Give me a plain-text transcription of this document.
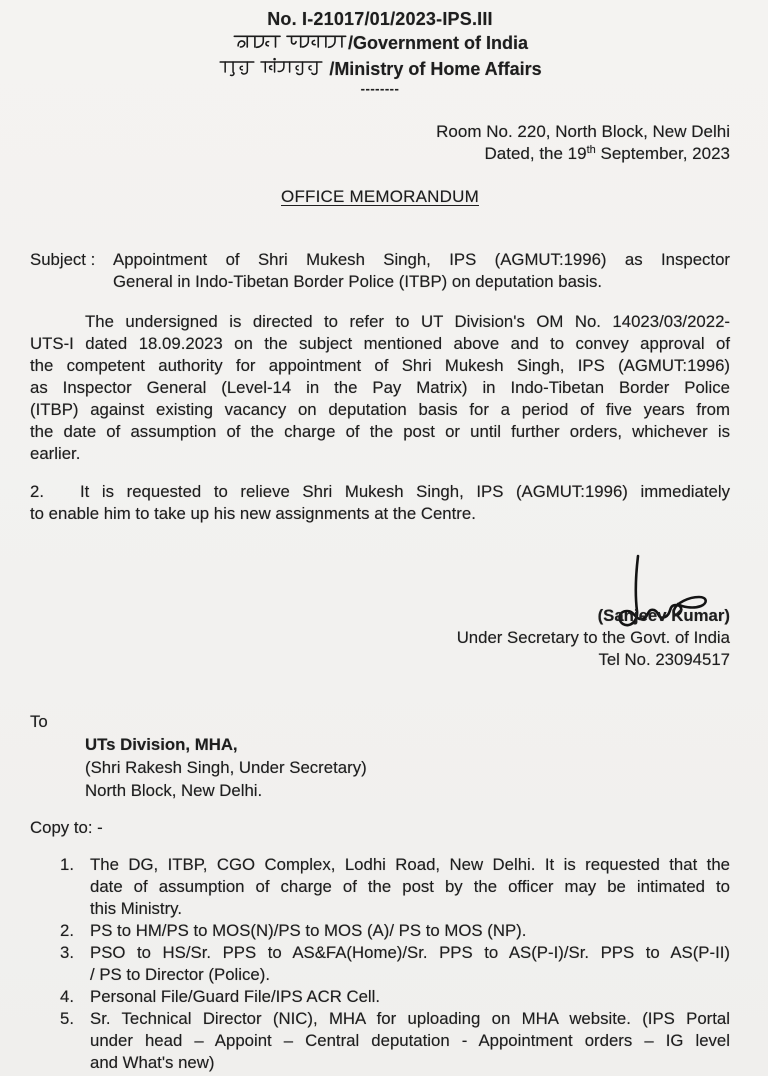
No. I-21017/01/2023-IPS.III
/Government of India
/Ministry of Home Affairs
--------
Room No. 220, North Block, New Delhi
Dated, the 19th September, 2023
OFFICE MEMORANDUM
Subject :	Appointment of Shri Mukesh Singh, IPS (AGMUT:1996) as Inspector
General in Indo-Tibetan Border Police (ITBP) on deputation basis.
The undersigned is directed to refer to UT Division's OM No. 14023/03/2022-
UTS-I dated 18.09.2023 on the subject mentioned above and to convey approval of
the competent authority for appointment of Shri Mukesh Singh, IPS (AGMUT:1996)
as Inspector General (Level-14 in the Pay Matrix) in Indo-Tibetan Border Police
(ITBP) against existing vacancy on deputation basis for a period of five years from
the date of assumption of the charge of the post or until further orders, whichever is
earlier.
2. It is requested to relieve Shri Mukesh Singh, IPS (AGMUT:1996) immediately
to enable him to take up his new assignments at the Centre.
(Sanjeev Kumar)
Under Secretary to the Govt. of India
Tel No. 23094517
To
UTs Division, MHA,
(Shri Rakesh Singh, Under Secretary)
North Block, New Delhi.
Copy to: -
1. The DG, ITBP, CGO Complex, Lodhi Road, New Delhi. It is requested that the
date of assumption of charge of the post by the officer may be intimated to
this Ministry.
2. PS to HM/PS to MOS(N)/PS to MOS (A)/ PS to MOS (NP).
3. PSO to HS/Sr. PPS to AS&FA(Home)/Sr. PPS to AS(P-I)/Sr. PPS to AS(P-II)
/ PS to Director (Police).
4. Personal File/Guard File/IPS ACR Cell.
5. Sr. Technical Director (NIC), MHA for uploading on MHA website. (IPS Portal
under head – Appoint – Central deputation - Appointment orders – IG level
and What's new)
